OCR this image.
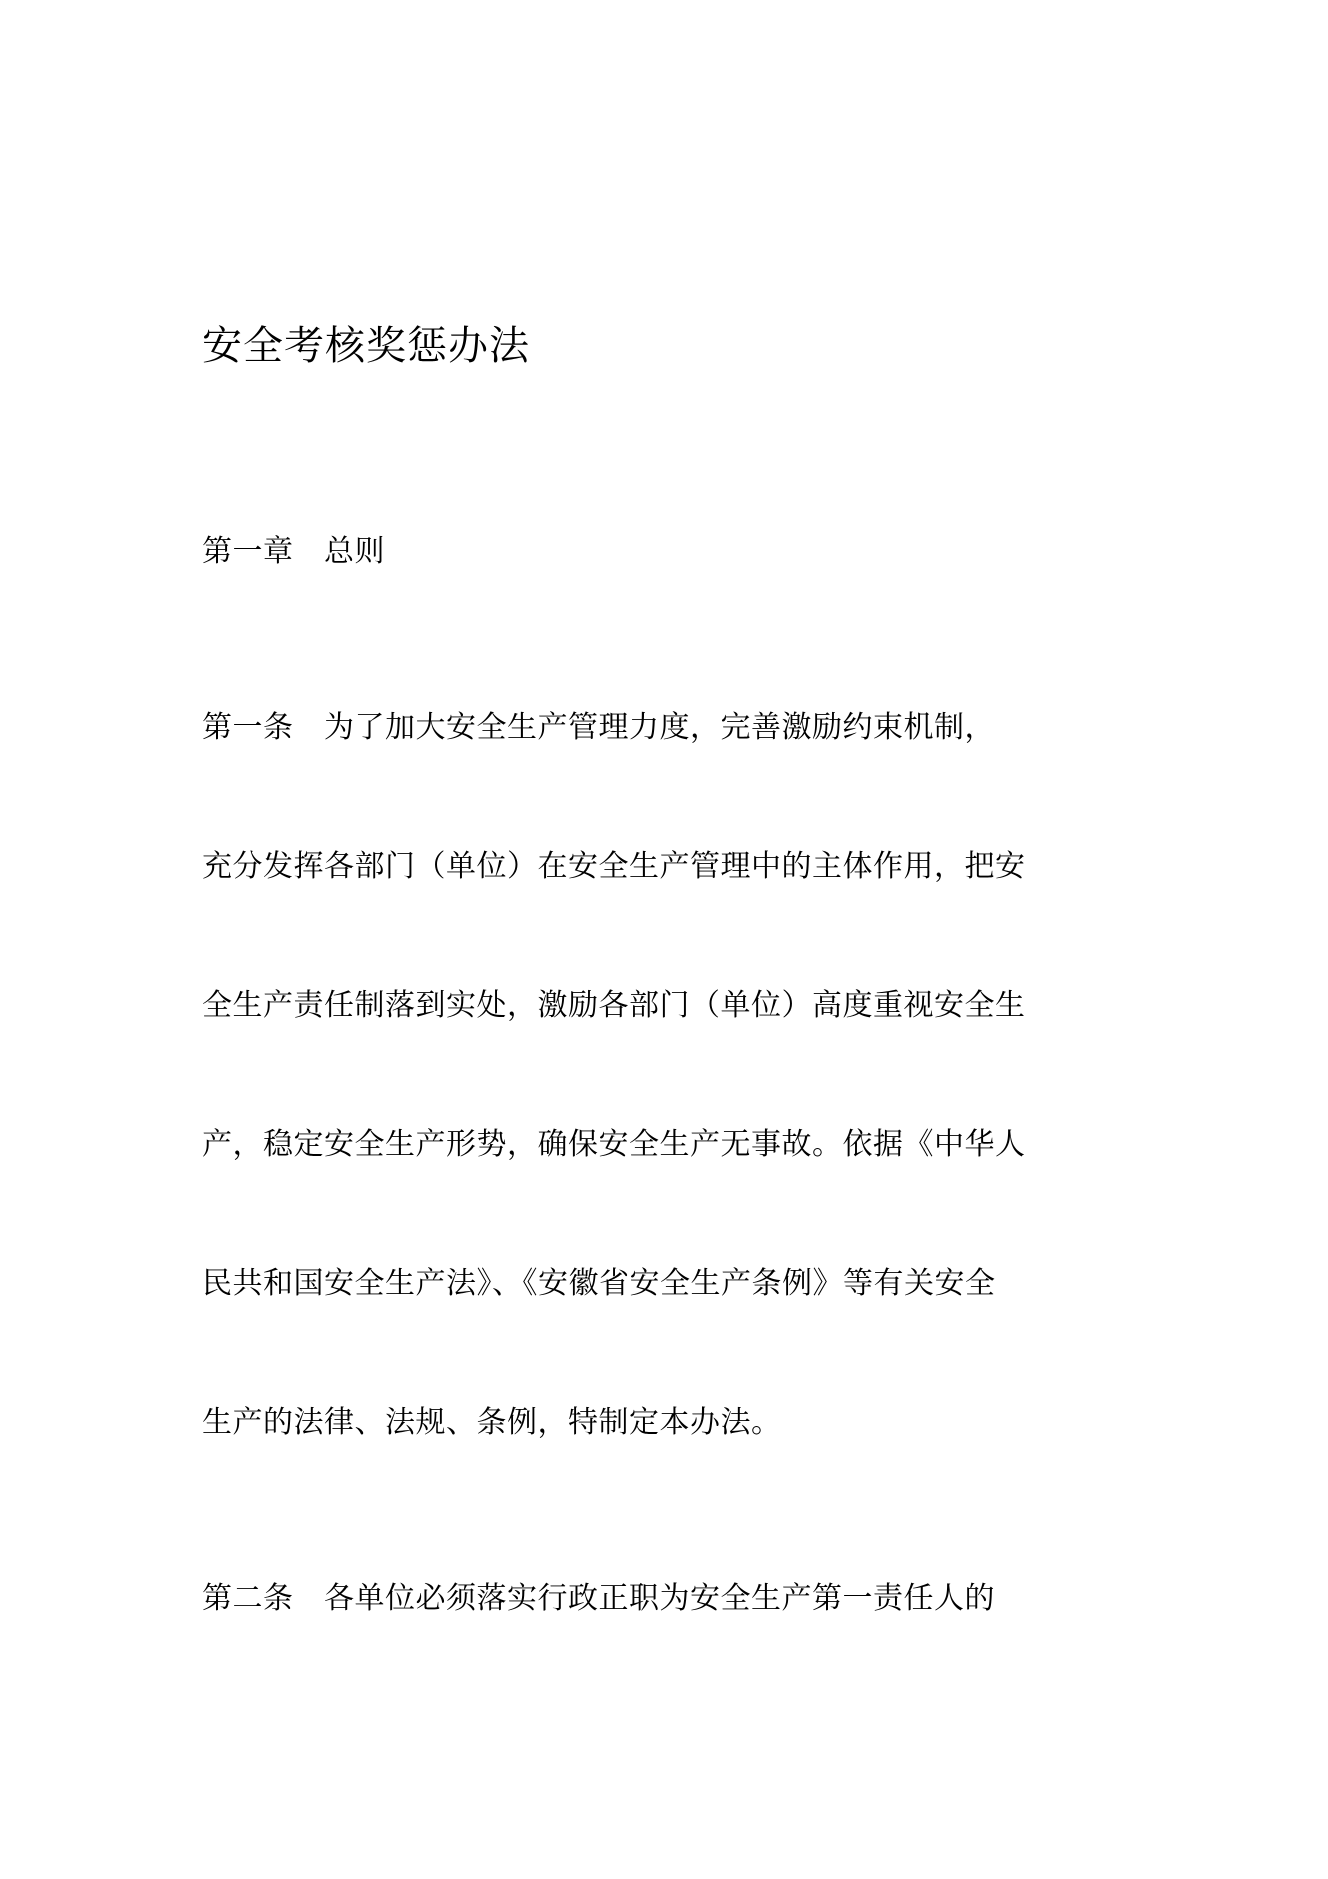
安全考核奖惩办法
第一章　总则
第一条　为了加大安全生产管理力度，完善激励约束机制，
充分发挥各部门（单位）在安全生产管理中的主体作用，把安
全生产责任制落到实处，激励各部门（单位）高度重视安全生
产，稳定安全生产形势，确保安全生产无事故。依据《中华人
民共和国安全生产法》、《安徽省安全生产条例》等有关安全
生产的法律、法规、条例，特制定本办法。
第二条　各单位必须落实行政正职为安全生产第一责任人的
